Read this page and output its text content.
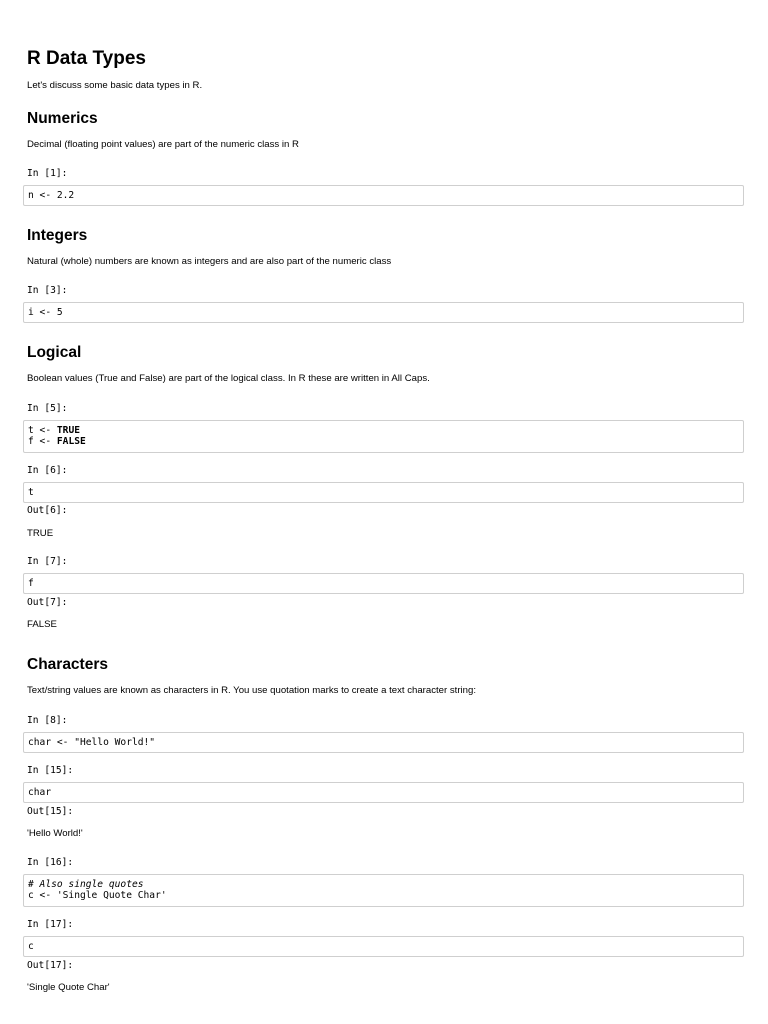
R Data Types
Let's discuss some basic data types in R.
Numerics
Decimal (floating point values) are part of the numeric class in R
In [1]:
n <- 2.2
Integers
Natural (whole) numbers are known as integers and are also part of the numeric class
In [3]:
i <- 5
Logical
Boolean values (True and False) are part of the logical class. In R these are written in All Caps.
In [5]:
t <- TRUE
f <- FALSE
In [6]:
t
Out[6]:
TRUE
In [7]:
f
Out[7]:
FALSE
Characters
Text/string values are known as characters in R. You use quotation marks to create a text character string:
In [8]:
char <- "Hello World!"
In [15]:
char
Out[15]:
'Hello World!'
In [16]:
# Also single quotes
c <- 'Single Quote Char'
In [17]:
c
Out[17]:
'Single Quote Char'
